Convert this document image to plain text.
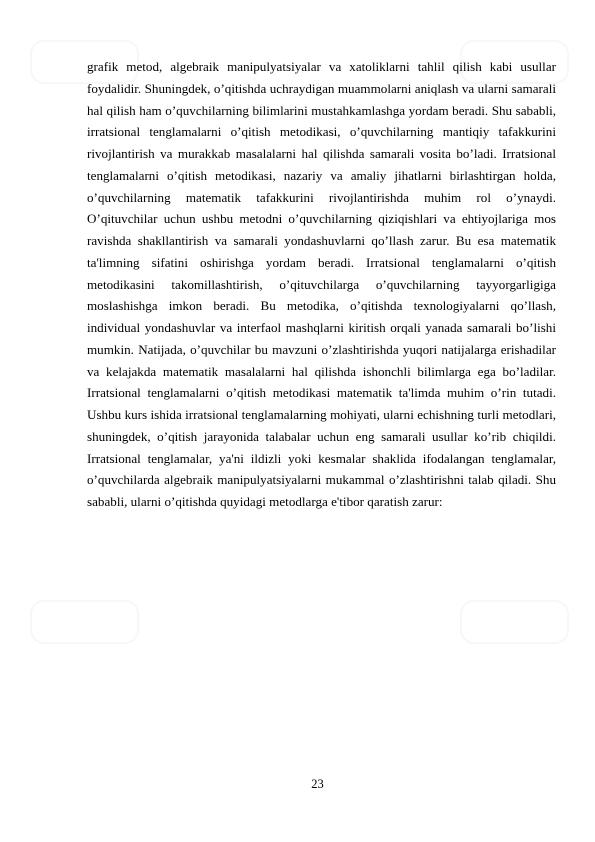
grafik metod, algebraik manipulyatsiyalar va xatoliklarni tahlil qilish kabi usullar foydalidir. Shuningdek, o’qitishda uchraydigan muammolarni aniqlash va ularni samarali hal qilish ham o’quvchilarning bilimlarini mustahkamlashga yordam beradi. Shu sababli, irratsional tenglamalarni o’qitish metodikasi, o’quvchilarning mantiqiy tafakkurini rivojlantirish va murakkab masalalarni hal qilishda samarali vosita bo’ladi. Irratsional tenglamalarni o’qitish metodikasi, nazariy va amaliy jihatlarni birlashtirgan holda, o’quvchilarning matematik tafakkurini rivojlantirishda muhim rol o’ynaydi. O’qituvchilar uchun ushbu metodni o’quvchilarning qiziqishlari va ehtiyojlariga mos ravishda shakllantirish va samarali yondashuvlarni qo’llash zarur. Bu esa matematik ta'limning sifatini oshirishga yordam beradi. Irratsional tenglamalarni o’qitish metodikasini takomillashtirish, o’qituvchilarga o’quvchilarning tayyorgarligiga moslashishga imkon beradi. Bu metodika, o’qitishda texnologiyalarni qo’llash, individual yondashuvlar va interfaol mashqlarni kiritish orqali yanada samarali bo’lishi mumkin. Natijada, o’quvchilar bu mavzuni o’zlashtirishda yuqori natijalarga erishadilar va kelajakda matematik masalalarni hal qilishda ishonchli bilimlarga ega bo’ladilar. Irratsional tenglamalarni o’qitish metodikasi matematik ta'limda muhim o’rin tutadi. Ushbu kurs ishida irratsional tenglamalarning mohiyati, ularni echishning turli metodlari, shuningdek, o’qitish jarayonida talabalar uchun eng samarali usullar ko’rib chiqildi. Irratsional tenglamalar, ya'ni ildizli yoki kesmalar shaklida ifodalangan tenglamalar, o’quvchilarda algebraik manipulyatsiyalarni mukammal o’zlashtirishni talab qiladi. Shu sababli, ularni o’qitishda quyidagi metodlarga e'tibor qaratish zarur:

23
